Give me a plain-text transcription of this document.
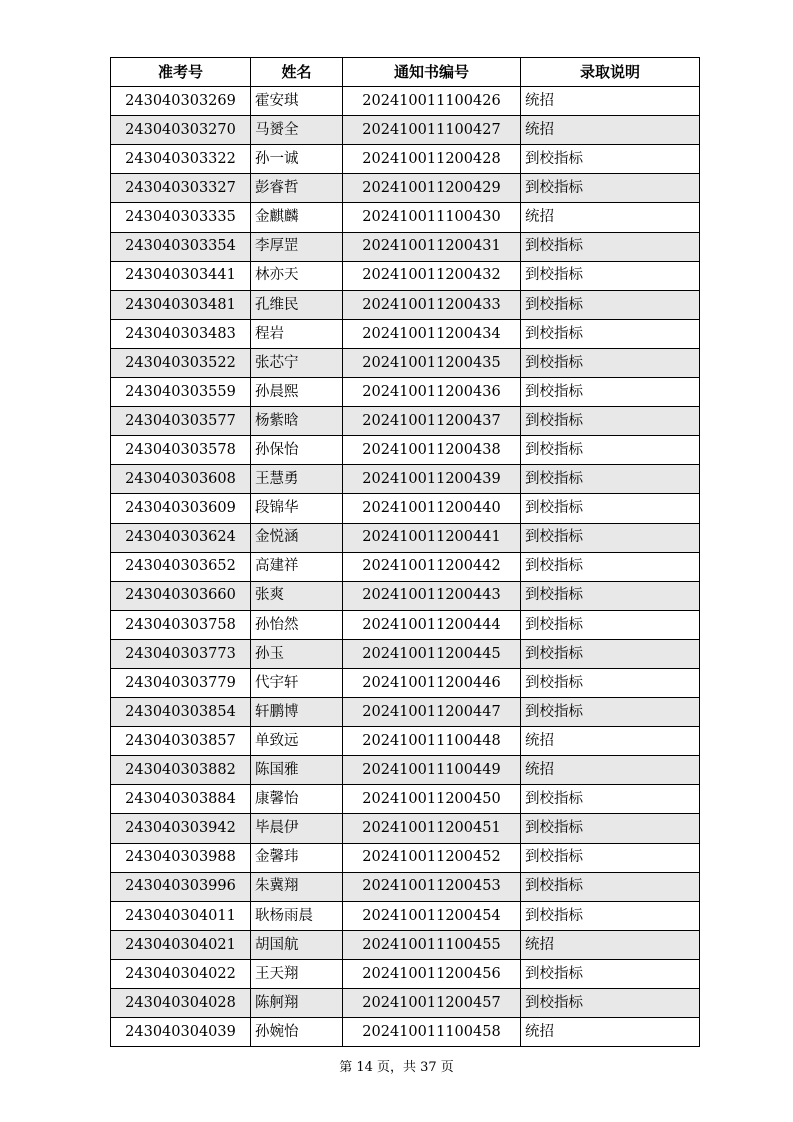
准考号	姓名	通知书编号	录取说明
243040303269	霍安琪	202410011100426	统招
243040303270	马赟全	202410011100427	统招
243040303322	孙一诚	202410011200428	到校指标
243040303327	彭睿哲	202410011200429	到校指标
243040303335	金麒麟	202410011100430	统招
243040303354	李厚罡	202410011200431	到校指标
243040303441	林亦天	202410011200432	到校指标
243040303481	孔维民	202410011200433	到校指标
243040303483	程岩	202410011200434	到校指标
243040303522	张芯宁	202410011200435	到校指标
243040303559	孙晨熙	202410011200436	到校指标
243040303577	杨紫晗	202410011200437	到校指标
243040303578	孙保怡	202410011200438	到校指标
243040303608	王慧勇	202410011200439	到校指标
243040303609	段锦华	202410011200440	到校指标
243040303624	金悦涵	202410011200441	到校指标
243040303652	高建祥	202410011200442	到校指标
243040303660	张爽	202410011200443	到校指标
243040303758	孙怡然	202410011200444	到校指标
243040303773	孙玉	202410011200445	到校指标
243040303779	代宇轩	202410011200446	到校指标
243040303854	轩鹏博	202410011200447	到校指标
243040303857	单致远	202410011100448	统招
243040303882	陈国雅	202410011100449	统招
243040303884	康馨怡	202410011200450	到校指标
243040303942	毕晨伊	202410011200451	到校指标
243040303988	金馨玮	202410011200452	到校指标
243040303996	朱冀翔	202410011200453	到校指标
243040304011	耿杨雨晨	202410011200454	到校指标
243040304021	胡国航	202410011100455	统招
243040304022	王天翔	202410011200456	到校指标
243040304028	陈舸翔	202410011200457	到校指标
243040304039	孙婉怡	202410011100458	统招
第 14 页，共 37 页
